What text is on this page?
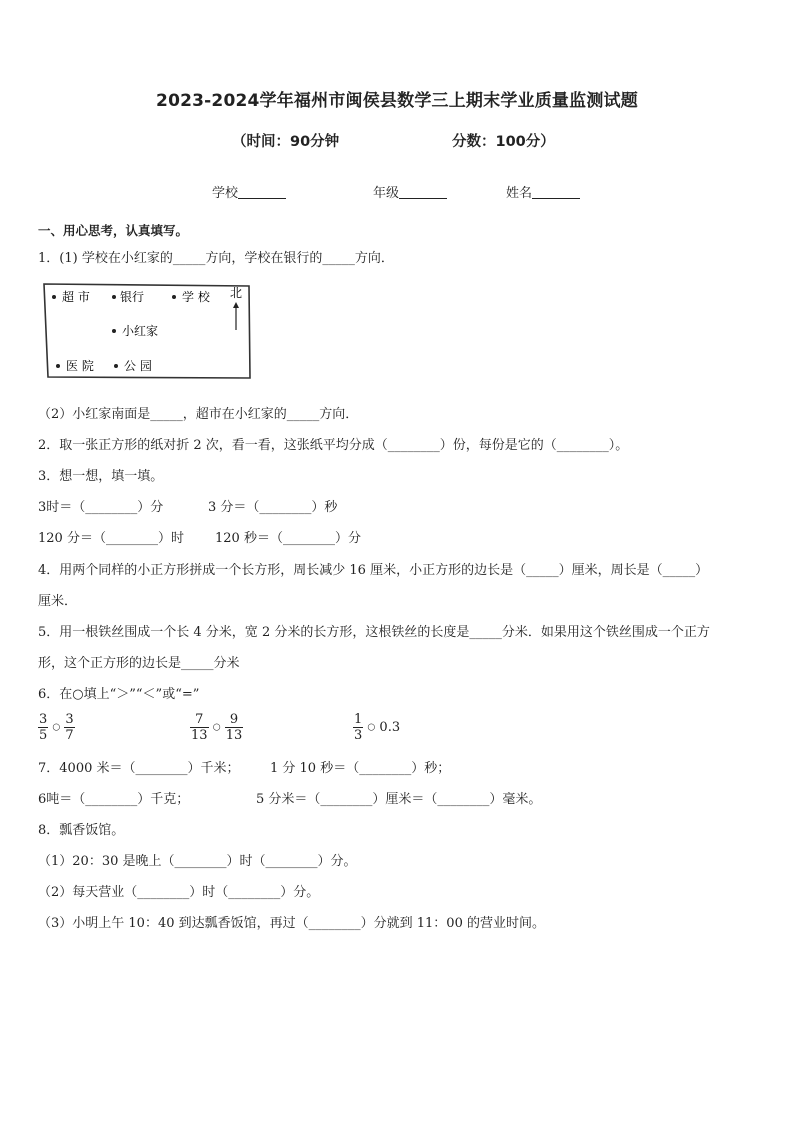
2023-2024学年福州市闽侯县数学三上期末学业质量监测试题
（时间：90分钟	分数：100分）
学校	年级	姓名
一、用心思考，认真填写。
1．(1) 学校在小红家的_____方向，学校在银行的_____方向．
超 市	银行	学 校 北
小红家
医 院	公 园
（2）小红家南面是_____，超市在小红家的_____方向．
2．取一张正方形的纸对折 2 次，看一看，这张纸平均分成（________）份，每份是它的（________）。
3．想一想，填一填。
3时＝（________）分	3 分＝（________）秒
120 分＝（________）时 120 秒＝（________）分
4．用两个同样的小正方形拼成一个长方形，周长减少 16 厘米，小正方形的边长是（_____）厘米，周长是（_____）
厘米．
5．用一根铁丝围成一个长 4 分米，宽 2 分米的长方形，这根铁丝的长度是_____分米．如果用这个铁丝围成一个正方
形，这个正方形的边长是_____分米
6．在○填上“＞”“＜”或“=”
$\frac{3}{5}$ ○ $\frac{3}{7}$	$\frac{7}{13}$ ○ $\frac{9}{13}$	$\frac{1}{3}$ ○ 0.3
7．4000 米＝（________）千米； 1 分 10 秒＝（________）秒；
6吨＝（________）千克；	5 分米＝（________）厘米＝（________）毫米。
8．瓢香饭馆。
（1）20：30 是晚上（________）时（________）分。
（2）每天营业（________）时（________）分。
（3）小明上午 10：40 到达瓢香饭馆，再过（________）分就到 11：00 的营业时间。
